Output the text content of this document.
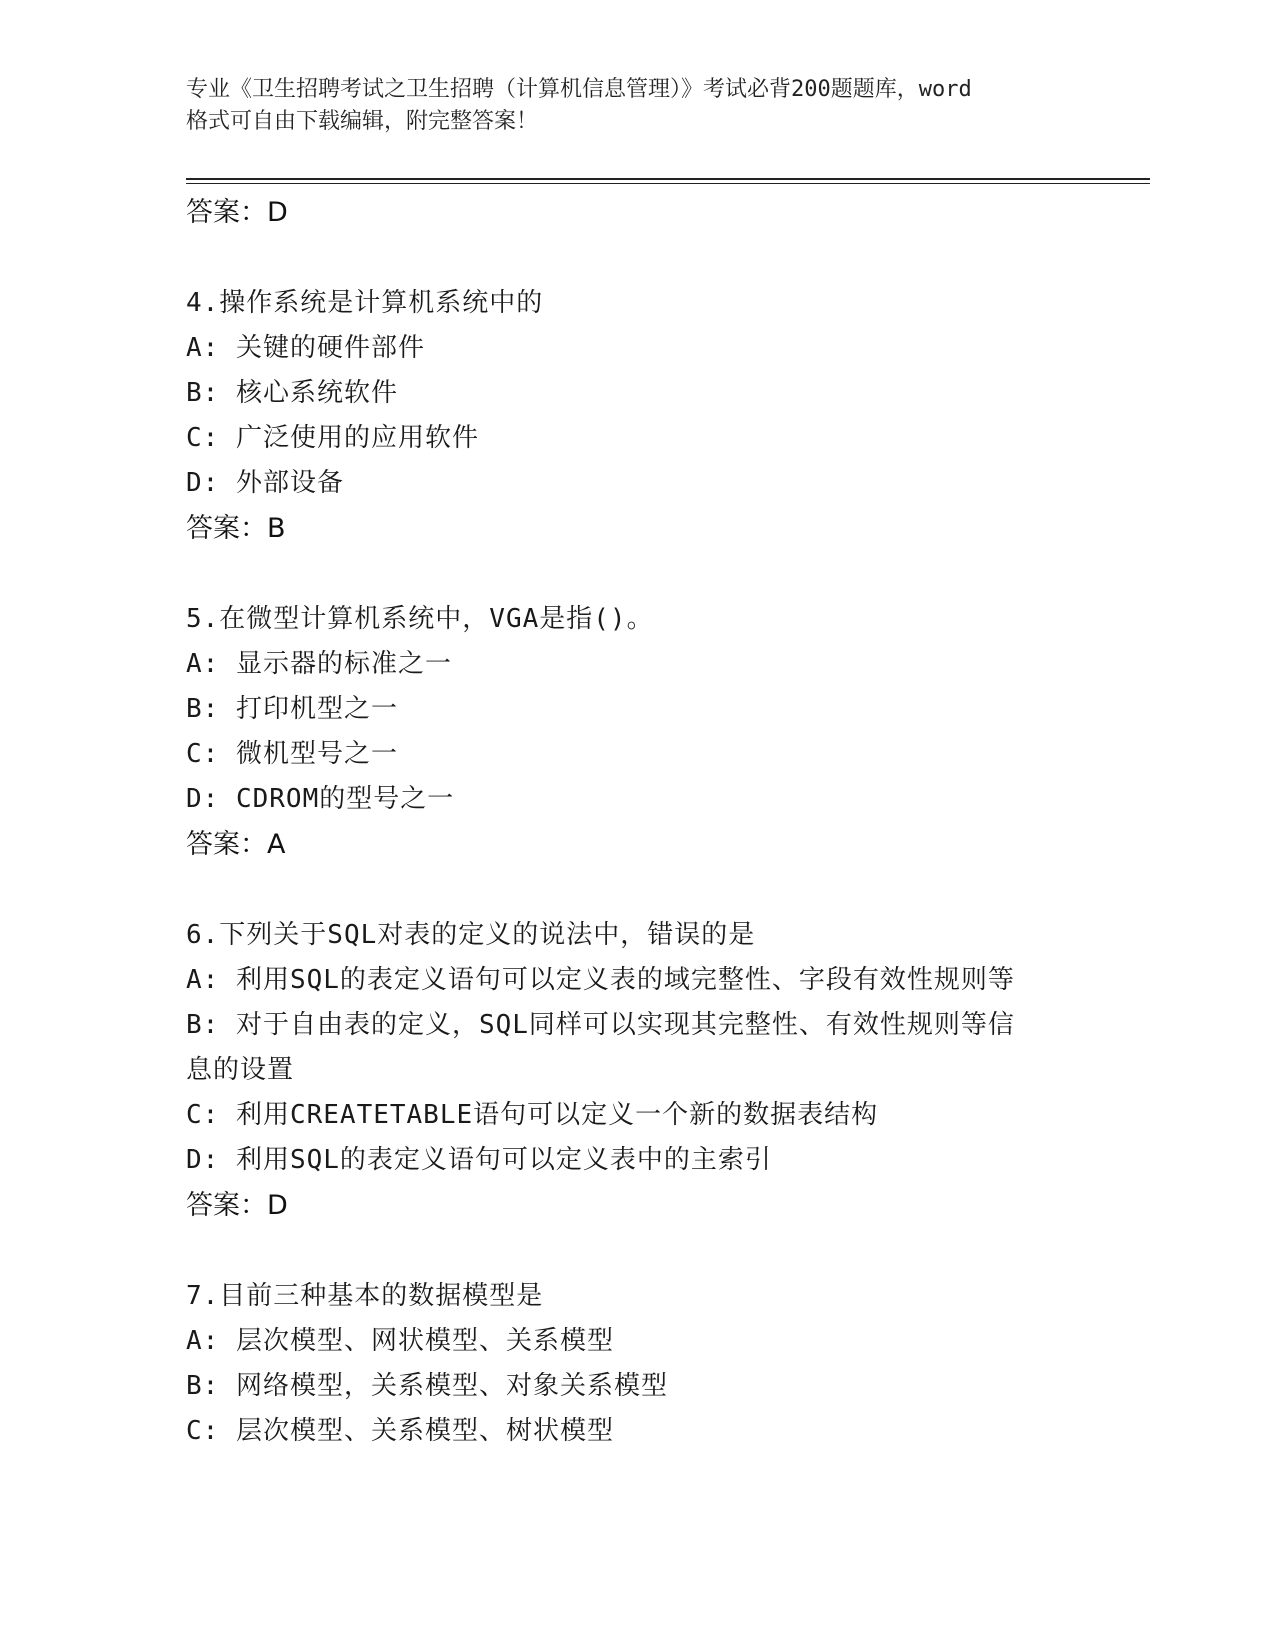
专业《卫生招聘考试之卫生招聘（计算机信息管理）》考试必背200题题库，word
格式可自由下载编辑，附完整答案！
答案：D
4.操作系统是计算机系统中的
A: 关键的硬件部件
B: 核心系统软件
C: 广泛使用的应用软件
D: 外部设备
答案：B
5.在微型计算机系统中，VGA是指()。
A: 显示器的标准之一
B: 打印机型之一
C: 微机型号之一
D: CDROM的型号之一
答案：A
6.下列关于SQL对表的定义的说法中，错误的是
A: 利用SQL的表定义语句可以定义表的域完整性、字段有效性规则等
B: 对于自由表的定义，SQL同样可以实现其完整性、有效性规则等信
息的设置
C: 利用CREATETABLE语句可以定义一个新的数据表结构
D: 利用SQL的表定义语句可以定义表中的主索引
答案：D
7.目前三种基本的数据模型是
A: 层次模型、网状模型、关系模型
B: 网络模型，关系模型、对象关系模型
C: 层次模型、关系模型、树状模型
